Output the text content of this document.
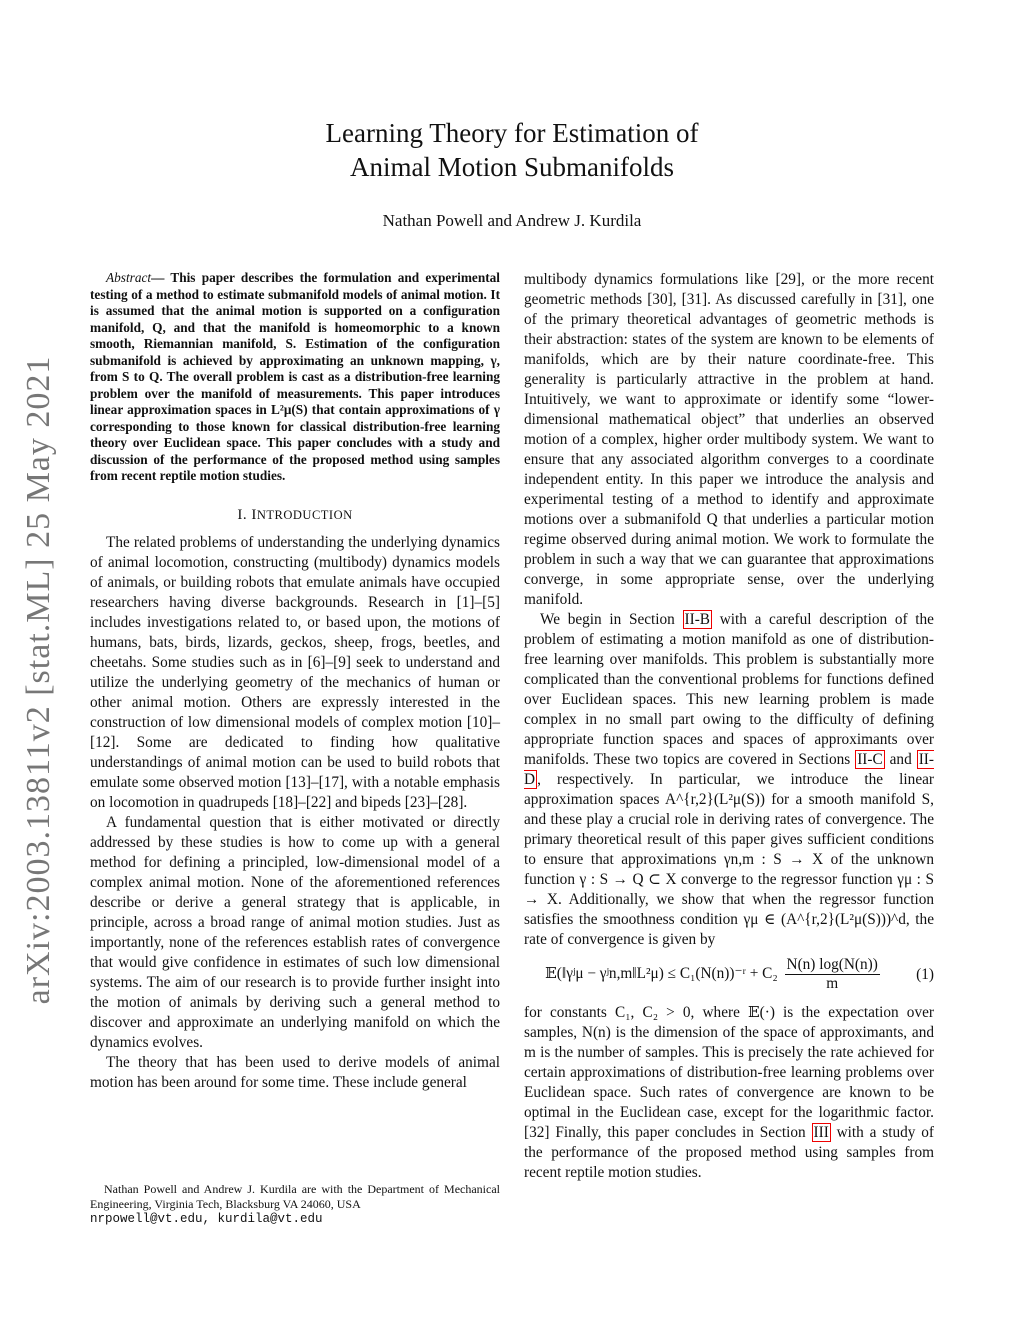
arXiv:2003.13811v2 [stat.ML] 25 May 2021
Learning Theory for Estimation of
Animal Motion Submanifolds
Nathan Powell and Andrew J. Kurdila

Abstract— This paper describes the formulation and experimental testing of a method to estimate submanifold models of animal motion. It is assumed that the animal motion is supported on a configuration manifold, Q, and that the manifold is homeomorphic to a known smooth, Riemannian manifold, S. Estimation of the configuration submanifold is achieved by approximating an unknown mapping, γ, from S to Q. The overall problem is cast as a distribution-free learning problem over the manifold of measurements. This paper introduces linear approximation spaces in L²μ(S) that contain approximations of γ corresponding to those known for classical distribution-free learning theory over Euclidean space. This paper concludes with a study and discussion of the performance of the proposed method using samples from recent reptile motion studies.

I. INTRODUCTION

The related problems of understanding the underlying dynamics of animal locomotion, constructing (multibody) dynamics models of animals, or building robots that emulate animals have occupied researchers having diverse backgrounds. Research in [1]–[5] includes investigations related to, or based upon, the motions of humans, bats, birds, lizards, geckos, sheep, frogs, beetles, and cheetahs. Some studies such as in [6]–[9] seek to understand and utilize the underlying geometry of the mechanics of human or other animal motion. Others are expressly interested in the construction of low dimensional models of complex motion [10]–[12]. Some are dedicated to finding how qualitative understandings of animal motion can be used to build robots that emulate some observed motion [13]–[17], with a notable emphasis on locomotion in quadrupeds [18]–[22] and bipeds [23]–[28].

A fundamental question that is either motivated or directly addressed by these studies is how to come up with a general method for defining a principled, low-dimensional model of a complex animal motion. None of the aforementioned references describe or derive a general strategy that is applicable, in principle, across a broad range of animal motion studies. Just as importantly, none of the references establish rates of convergence that would give confidence in estimates of such low dimensional systems. The aim of our research is to provide further insight into the motion of animals by deriving such a general method to discover and approximate an underlying manifold on which the dynamics evolves.

The theory that has been used to derive models of animal motion has been around for some time. These include general

Nathan Powell and Andrew J. Kurdila are with the Department of Mechanical Engineering, Virginia Tech, Blacksburg VA 24060, USA
nrpowell@vt.edu, kurdila@vt.edu

multibody dynamics formulations like [29], or the more recent geometric methods [30], [31]. As discussed carefully in [31], one of the primary theoretical advantages of geometric methods is their abstraction: states of the system are known to be elements of manifolds, which are by their nature coordinate-free. This generality is particularly attractive in the problem at hand. Intuitively, we want to approximate or identify some “lower-dimensional mathematical object” that underlies an observed motion of a complex, higher order multibody system. We want to ensure that any associated algorithm converges to a coordinate independent entity. In this paper we introduce the analysis and experimental testing of a method to identify and approximate motions over a submanifold Q that underlies a particular motion regime observed during animal motion. We work to formulate the problem in such a way that we can guarantee that approximations converge, in some appropriate sense, over the underlying manifold.

We begin in Section II-B with a careful description of the problem of estimating a motion manifold as one of distribution-free learning over manifolds. This problem is substantially more complicated than the conventional problems for functions defined over Euclidean spaces. This new learning problem is made complex in no small part owing to the difficulty of defining appropriate function spaces and spaces of approximants over manifolds. These two topics are covered in Sections II-C and II-D , respectively. In particular, we introduce the linear approximation spaces A^{r,2}(L²μ(S)) for a smooth manifold S, and these play a crucial role in deriving rates of convergence. The primary theoretical result of this paper gives sufficient conditions to ensure that approximations γn,m : S → X of the unknown function γ : S → Q ⊂ X converge to the regressor function γμ : S → X. Additionally, we show that when the regressor function satisfies the smoothness condition γμ ∈ (A^{r,2}(L²μ(S)))^d, the rate of convergence is given by

𝔼(‖γʲμ − γʲn,m‖L²μ) ≤ C₁(N(n))⁻ʳ + $C_2 \frac{N(n) \log(N(n))}{m}$	(1)

for constants C₁, C₂ > 0, where 𝔼(·) is the expectation over samples, N(n) is the dimension of the space of approximants, and m is the number of samples. This is precisely the rate achieved for certain approximations of distribution-free learning problems over Euclidean space. Such rates of convergence are known to be optimal in the Euclidean case, except for the logarithmic factor. [32] Finally, this paper concludes in Section III with a study of the performance of the proposed method using samples from recent reptile motion studies.
